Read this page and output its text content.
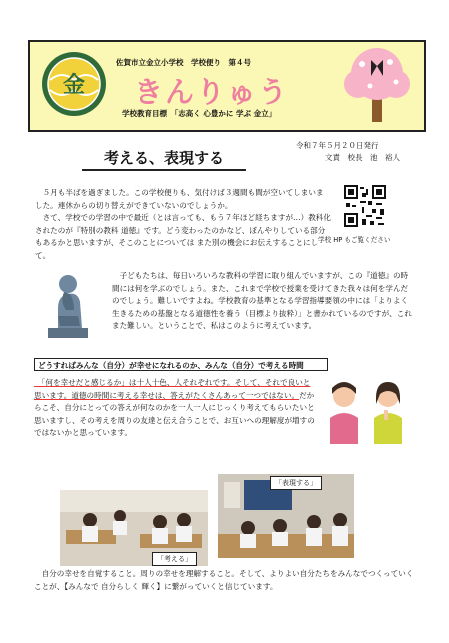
金
佐賀市立金立小学校　学校便り　第４号
きんりゅう
学校教育目標　「志高く 心豊かに 学ぶ 金立」
考える、表現する
令和７年５月２０日発行
文責　校長　池　裕人
　５月も半ばを過ぎました。この学校便りも、気付けば３週間も間が空いてしまいました。連休からの切り替えができていないのでしょうか。
　さて、学校での学習の中で最近（とは言っても、もう７年ほど経ちますが…）教科化されたのが『特別の教科 道徳』です。どう変わったのかなど、ぼんやりしている部分もあるかと思いますが、そこのことについては また別の機会にお伝えすることにして。
学校 HP もご覧ください
　子どもたちは、毎日いろいろな教科の学習に取り組んでいますが、この『道徳』の時間には何を学ぶのでしょう。また、これまで学校で授業を受けてきた我々は何を学んだのでしょう。難しいですよね。学校教育の基準となる学習指導要領の中には「よりよく生きるための基盤となる道徳性を養う（目標より抜粋）」と書かれているのですが、これまた難しい。ということで、私はこのように考えています。
どうすればみんな（自分）が幸せになれるのか、みんな（自分）で考える時間
　「何を幸せだと感じるか」は十人十色、人それぞれです。そして、それで良いと思います。道徳の時間に考える幸せは、答えがたくさんあって一つではない。だからこそ、自分にとっての答えが何なのかを一人一人にじっくり考えてもらいたいと思いますし、その考えを周りの友達と伝え合うことで、お互いへの理解度が増すのではないかと思っています。
「考える」
「表現する」
　自分の幸せを自覚すること。周りの幸せを理解すること。そして、よりよい自分たちをみんなでつくっていくことが、【みんなで 自分らしく 輝く】に繋がっていくと信じています。
